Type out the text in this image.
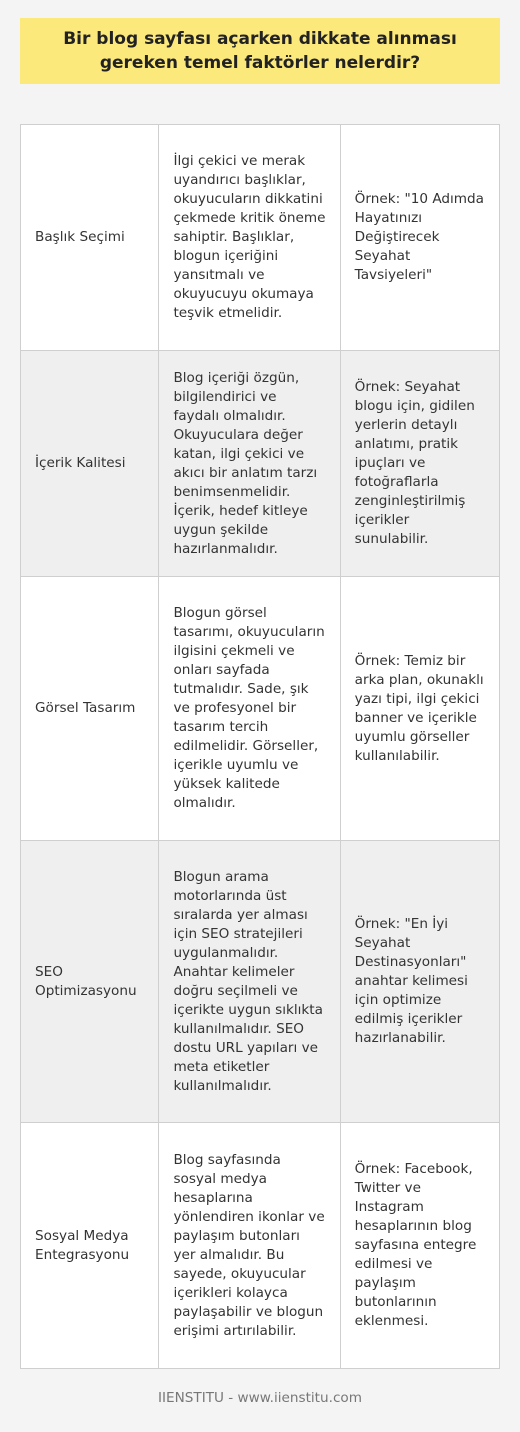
Bir blog sayfası açarken dikkate alınması gereken temel faktörler nelerdir?
Başlık Seçimi
İlgi çekici ve merak uyandırıcı başlıklar, okuyucuların dikkatini çekmede kritik öneme sahiptir. Başlıklar, blogun içeriğini yansıtmalı ve okuyucuyu okumaya teşvik etmelidir.
Örnek: "10 Adımda Hayatınızı Değiştirecek Seyahat Tavsiyeleri"
İçerik Kalitesi
Blog içeriği özgün, bilgilendirici ve faydalı olmalıdır. Okuyuculara değer katan, ilgi çekici ve akıcı bir anlatım tarzı benimsenmelidir. İçerik, hedef kitleye uygun şekilde hazırlanmalıdır.
Örnek: Seyahat blogu için, gidilen yerlerin detaylı anlatımı, pratik ipuçları ve fotoğraflarla zenginleştirilmiş içerikler sunulabilir.
Görsel Tasarım
Blogun görsel tasarımı, okuyucuların ilgisini çekmeli ve onları sayfada tutmalıdır. Sade, şık ve profesyonel bir tasarım tercih edilmelidir. Görseller, içerikle uyumlu ve yüksek kalitede olmalıdır.
Örnek: Temiz bir arka plan, okunaklı yazı tipi, ilgi çekici banner ve içerikle uyumlu görseller kullanılabilir.
SEO Optimizasyonu
Blogun arama motorlarında üst sıralarda yer alması için SEO stratejileri uygulanmalıdır. Anahtar kelimeler doğru seçilmeli ve içerikte uygun sıklıkta kullanılmalıdır. SEO dostu URL yapıları ve meta etiketler kullanılmalıdır.
Örnek: "En İyi Seyahat Destinasyonları" anahtar kelimesi için optimize edilmiş içerikler hazırlanabilir.
Sosyal Medya Entegrasyonu
Blog sayfasında sosyal medya hesaplarına yönlendiren ikonlar ve paylaşım butonları yer almalıdır. Bu sayede, okuyucular içerikleri kolayca paylaşabilir ve blogun erişimi artırılabilir.
Örnek: Facebook, Twitter ve Instagram hesaplarının blog sayfasına entegre edilmesi ve paylaşım butonlarının eklenmesi.
IIENSTITU - www.iienstitu.com
